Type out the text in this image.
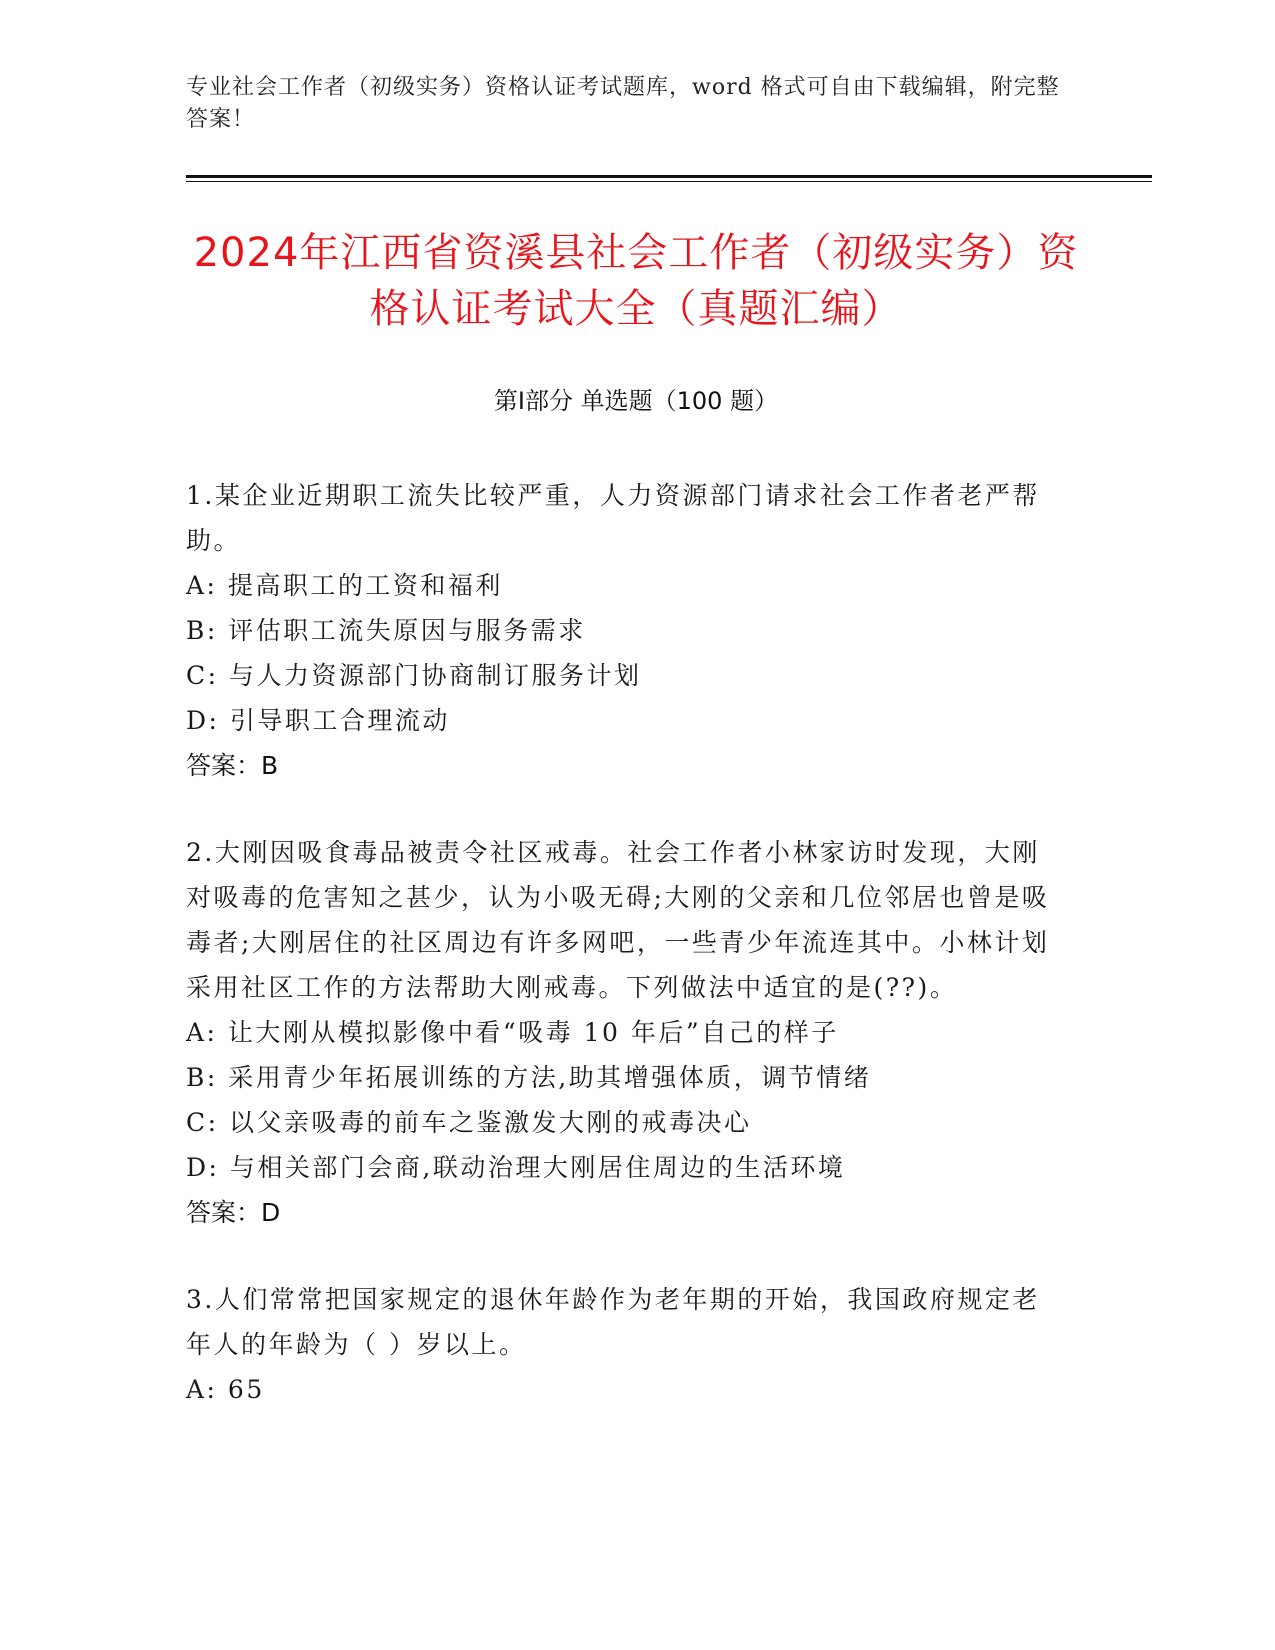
专业社会工作者（初级实务）资格认证考试题库，word 格式可自由下载编辑，附完整答案！
2024年江西省资溪县社会工作者（初级实务）资格认证考试大全（真题汇编）
第Ⅰ部分 单选题（100 题）

1.某企业近期职工流失比较严重，人力资源部门请求社会工作者老严帮助。

A: 提高职工的工资和福利

B: 评估职工流失原因与服务需求

C: 与人力资源部门协商制订服务计划

D: 引导职工合理流动

答案：B

2.大刚因吸食毒品被责令社区戒毒。社会工作者小林家访时发现，大刚对吸毒的危害知之甚少，认为小吸无碍;大刚的父亲和几位邻居也曾是吸毒者;大刚居住的社区周边有许多网吧，一些青少年流连其中。小林计划采用社区工作的方法帮助大刚戒毒。下列做法中适宜的是(??)。

A: 让大刚从模拟影像中看“吸毒 10 年后”自己的样子

B: 采用青少年拓展训练的方法,助其增强体质，调节情绪

C: 以父亲吸毒的前车之鉴激发大刚的戒毒决心

D: 与相关部门会商,联动治理大刚居住周边的生活环境

答案：D

3.人们常常把国家规定的退休年龄作为老年期的开始，我国政府规定老年人的年龄为（ ）岁以上。

A: 65
